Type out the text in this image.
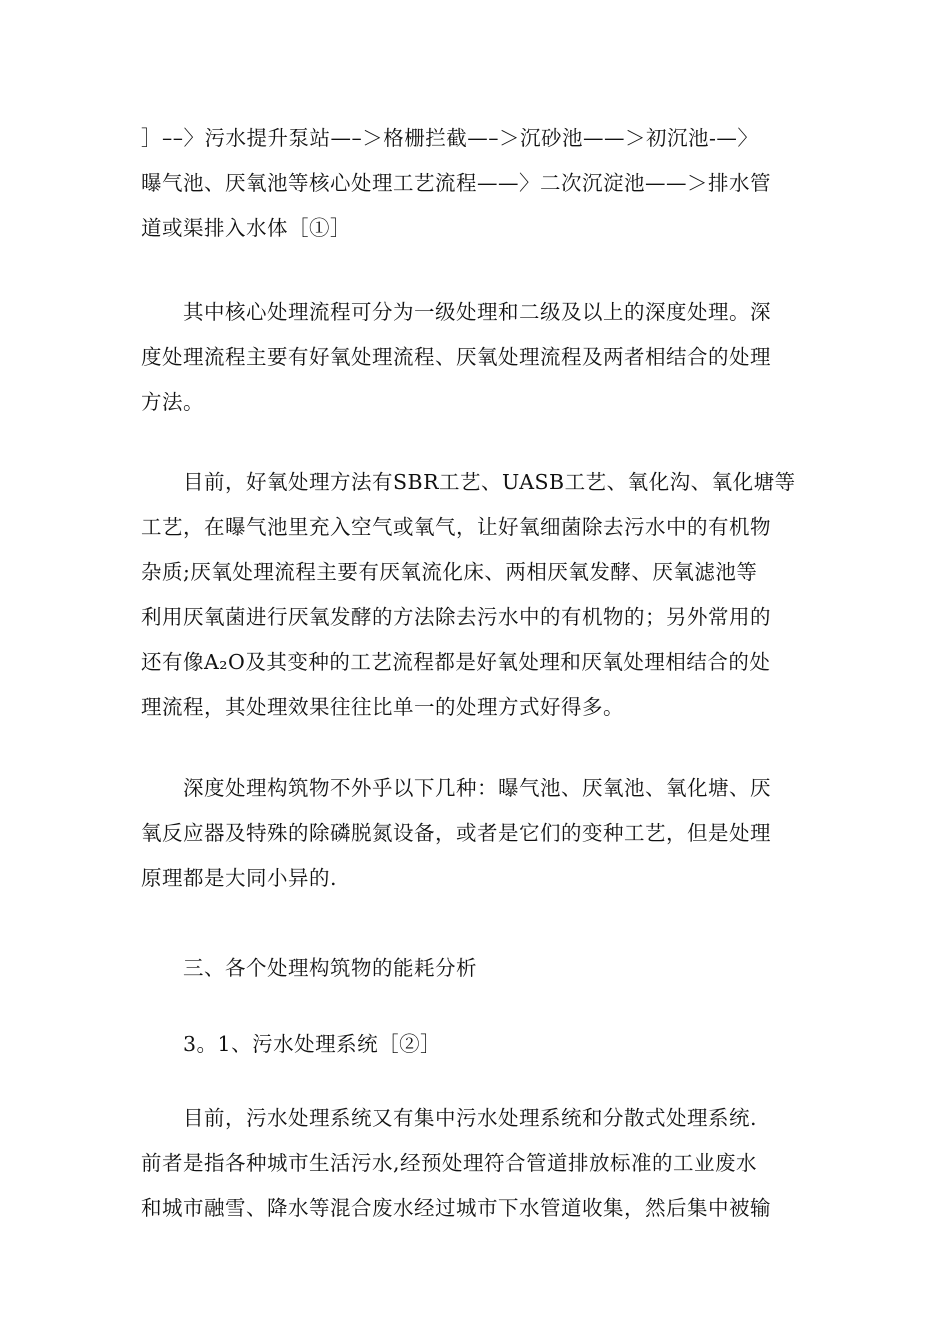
］––〉污水提升泵站—–＞格栅拦截—–＞沉砂池——＞初沉池-—〉
曝气池、厌氧池等核心处理工艺流程——〉二次沉淀池——＞排水管
道或渠排入水体［①］
其中核心处理流程可分为一级处理和二级及以上的深度处理。深
度处理流程主要有好氧处理流程、厌氧处理流程及两者相结合的处理
方法。
目前，好氧处理方法有SBR工艺、UASB工艺、氧化沟、氧化塘等
工艺，在曝气池里充入空气或氧气，让好氧细菌除去污水中的有机物
杂质;厌氧处理流程主要有厌氧流化床、两相厌氧发酵、厌氧滤池等
利用厌氧菌进行厌氧发酵的方法除去污水中的有机物的；另外常用的
还有像A₂O及其变种的工艺流程都是好氧处理和厌氧处理相结合的处
理流程，其处理效果往往比单一的处理方式好得多。
深度处理构筑物不外乎以下几种：曝气池、厌氧池、氧化塘、厌
氧反应器及特殊的除磷脱氮设备，或者是它们的变种工艺，但是处理
原理都是大同小异的.
三、各个处理构筑物的能耗分析
3。1、污水处理系统［②］
目前，污水处理系统又有集中污水处理系统和分散式处理系统.
前者是指各种城市生活污水,经预处理符合管道排放标准的工业废水
和城市融雪、降水等混合废水经过城市下水管道收集，然后集中被输
